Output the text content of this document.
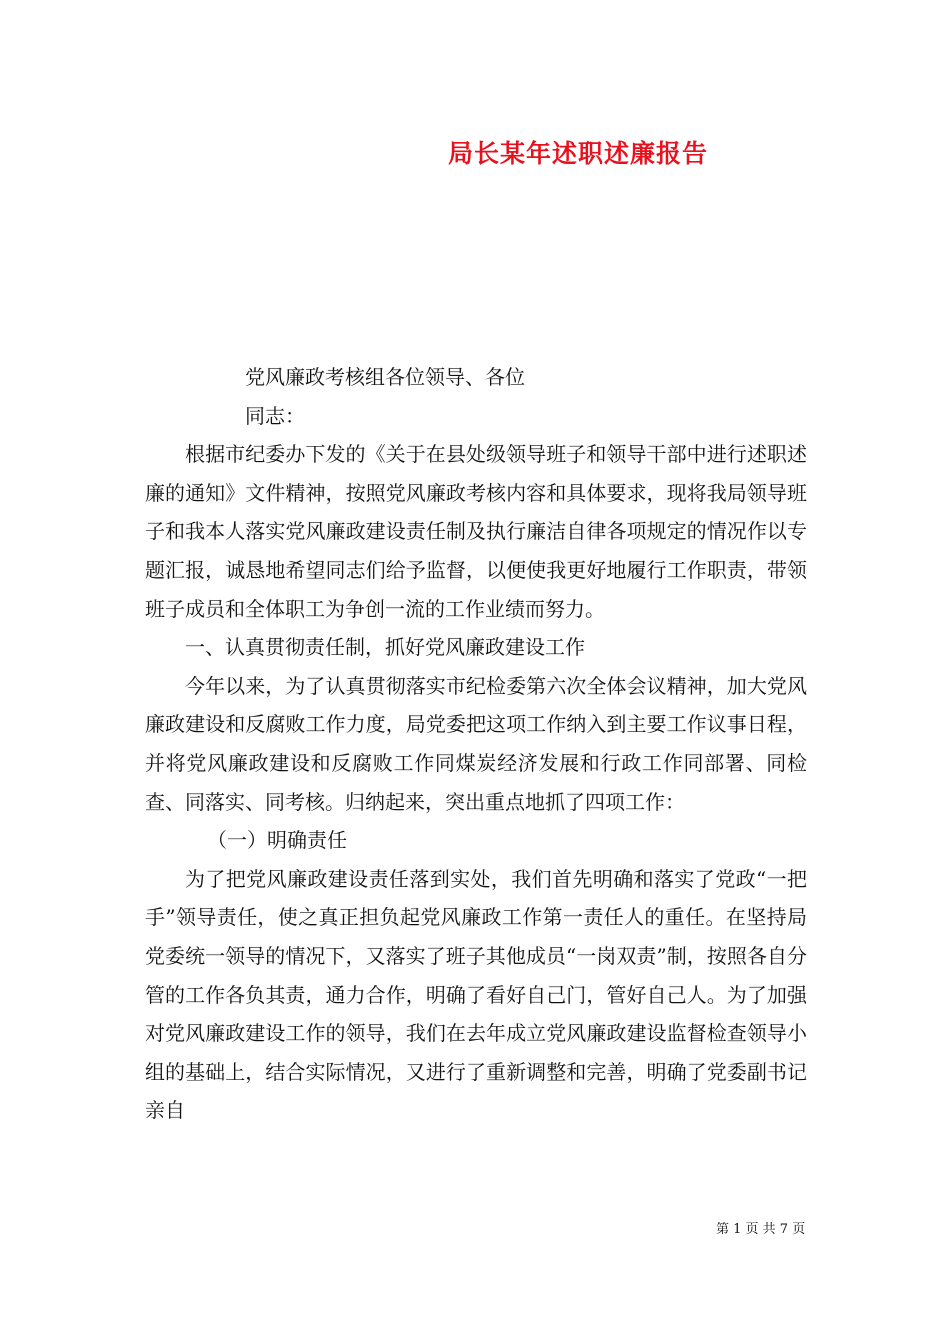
局长某年述职述廉报告

党风廉政考核组各位领导、各位

同志：

根据市纪委办下发的《关于在县处级领导班子和领导干部中进行述职述廉的通知》文件精神，按照党风廉政考核内容和具体要求，现将我局领导班子和我本人落实党风廉政建设责任制及执行廉洁自律各项规定的情况作以专题汇报，诚恳地希望同志们给予监督，以便使我更好地履行工作职责，带领班子成员和全体职工为争创一流的工作业绩而努力。

一、认真贯彻责任制，抓好党风廉政建设工作

今年以来，为了认真贯彻落实市纪检委第六次全体会议精神，加大党风廉政建设和反腐败工作力度，局党委把这项工作纳入到主要工作议事日程，并将党风廉政建设和反腐败工作同煤炭经济发展和行政工作同部署、同检查、同落实、同考核。归纳起来，突出重点地抓了四项工作：

（一）明确责任

为了把党风廉政建设责任落到实处，我们首先明确和落实了党政“一把手”领导责任，使之真正担负起党风廉政工作第一责任人的重任。在坚持局党委统一领导的情况下，又落实了班子其他成员“一岗双责”制，按照各自分管的工作各负其责，通力合作，明确了看好自己门，管好自己人。为了加强对党风廉政建设工作的领导，我们在去年成立党风廉政建设监督检查领导小组的基础上，结合实际情况，又进行了重新调整和完善，明确了党委副书记亲自

第 1 页 共 7 页
